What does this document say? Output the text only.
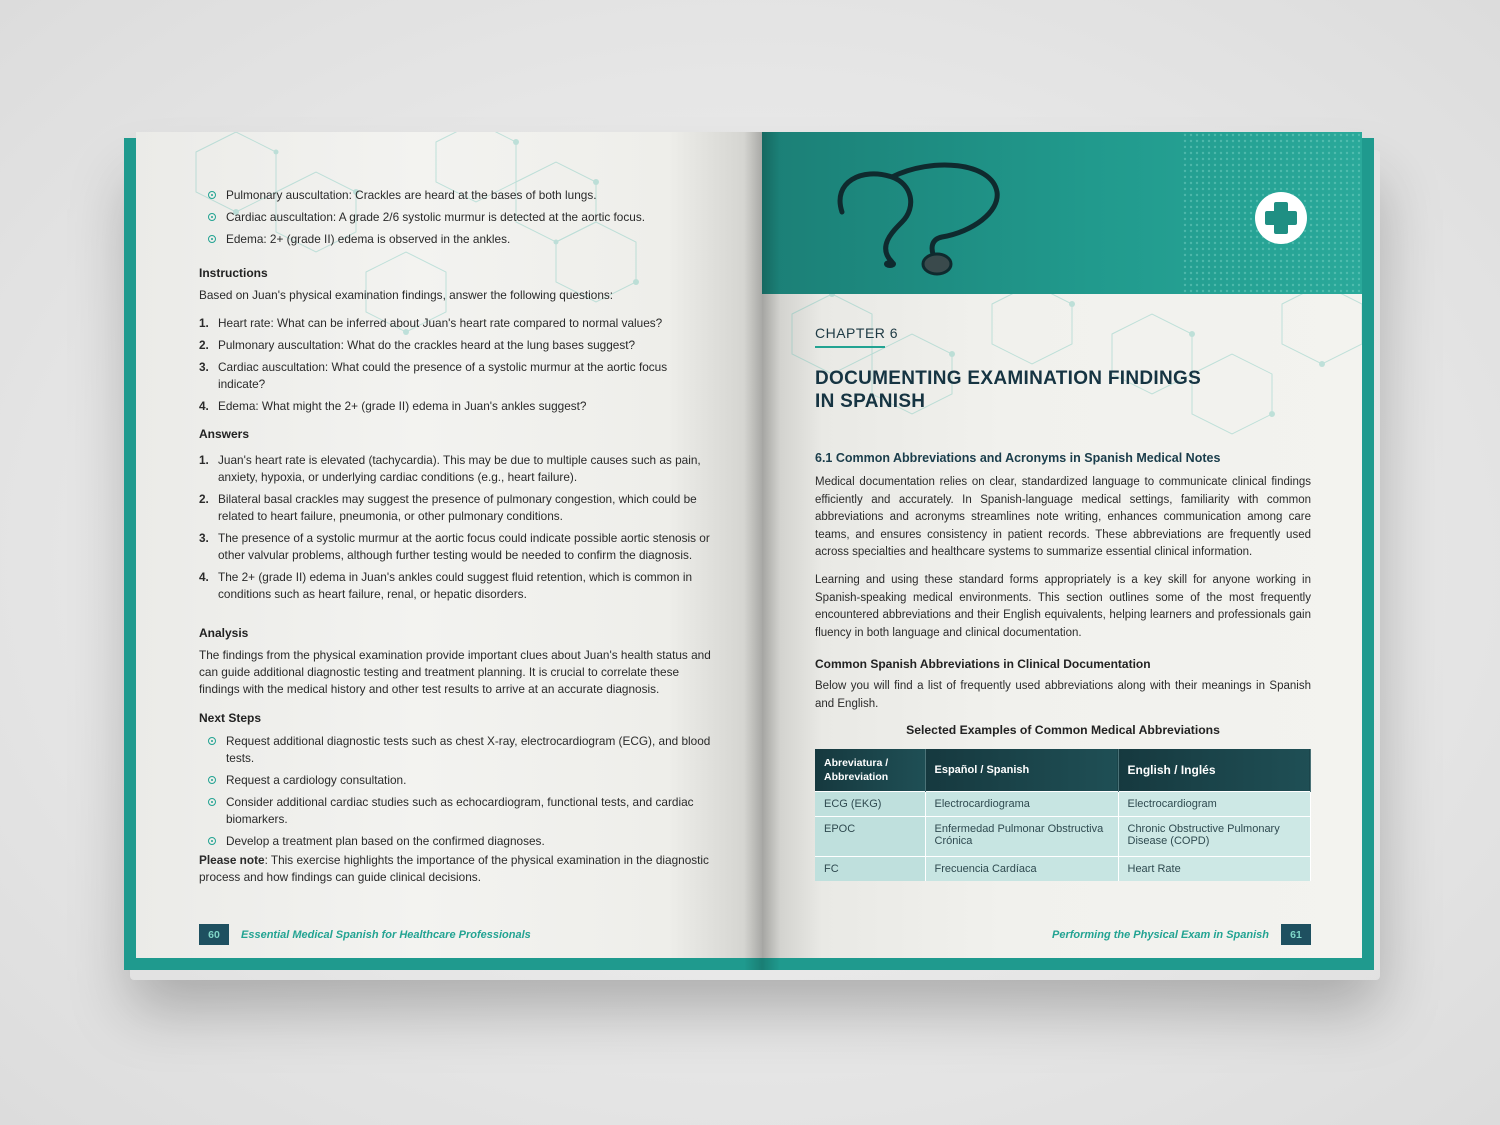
Pulmonary auscultation: Crackles are heard at the bases of both lungs.
Cardiac auscultation: A grade 2/6 systolic murmur is detected at the aortic focus.
Edema: 2+ (grade II) edema is observed in the ankles.
Instructions
Based on Juan's physical examination findings, answer the following questions:
1. Heart rate: What can be inferred about Juan's heart rate compared to normal values?
2. Pulmonary auscultation: What do the crackles heard at the lung bases suggest?
3. Cardiac auscultation: What could the presence of a systolic murmur at the aortic focus indicate?
4. Edema: What might the 2+ (grade II) edema in Juan's ankles suggest?
Answers
1. Juan's heart rate is elevated (tachycardia). This may be due to multiple causes such as pain, anxiety, hypoxia, or underlying cardiac conditions (e.g., heart failure).
2. Bilateral basal crackles may suggest the presence of pulmonary congestion, which could be related to heart failure, pneumonia, or other pulmonary conditions.
3. The presence of a systolic murmur at the aortic focus could indicate possible aortic stenosis or other valvular problems, although further testing would be needed to confirm the diagnosis.
4. The 2+ (grade II) edema in Juan's ankles could suggest fluid retention, which is common in conditions such as heart failure, renal, or hepatic disorders.
Analysis
The findings from the physical examination provide important clues about Juan's health status and can guide additional diagnostic testing and treatment planning. It is crucial to correlate these findings with the medical history and other test results to arrive at an accurate diagnosis.
Next Steps
Request additional diagnostic tests such as chest X-ray, electrocardiogram (ECG), and blood tests.
Request a cardiology consultation.
Consider additional cardiac studies such as echocardiogram, functional tests, and cardiac biomarkers.
Develop a treatment plan based on the confirmed diagnoses.
Please note: This exercise highlights the importance of the physical examination in the diagnostic process and how findings can guide clinical decisions.
60	Essential Medical Spanish for Healthcare Professionals
CHAPTER 6
DOCUMENTING EXAMINATION FINDINGS
IN SPANISH
6.1 Common Abbreviations and Acronyms in Spanish Medical Notes
Medical documentation relies on clear, standardized language to communicate clinical findings efficiently and accurately. In Spanish-language medical settings, familiarity with common abbreviations and acronyms streamlines note writing, enhances communication among care teams, and ensures consistency in patient records. These abbreviations are frequently used across specialties and healthcare systems to summarize essential clinical information.
Learning and using these standard forms appropriately is a key skill for anyone working in Spanish-speaking medical environments. This section outlines some of the most frequently encountered abbreviations and their English equivalents, helping learners and professionals gain fluency in both language and clinical documentation.
Common Spanish Abbreviations in Clinical Documentation
Below you will find a list of frequently used abbreviations along with their meanings in Spanish and English.
Selected Examples of Common Medical Abbreviations
Abreviatura / Abbreviation	Español / Spanish	English / Inglés
ECG (EKG)	Electrocardiograma	Electrocardiogram
EPOC	Enfermedad Pulmonar Obstructiva Crónica	Chronic Obstructive Pulmonary Disease (COPD)
FC	Frecuencia Cardíaca	Heart Rate
Performing the Physical Exam in Spanish	61
